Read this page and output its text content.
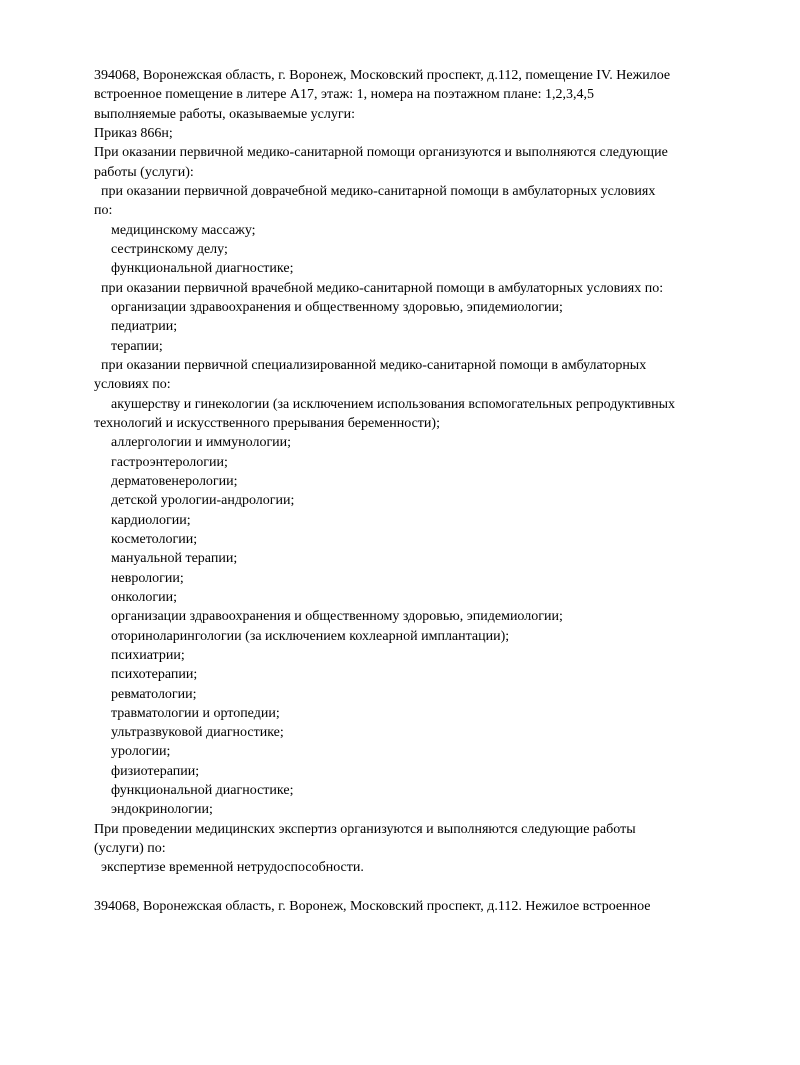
394068, Воронежская область, г. Воронеж, Московский проспект, д.112, помещение IV. Нежилое
встроенное помещение в литере А17, этаж: 1, номера на поэтажном плане: 1,2,3,4,5
выполняемые работы, оказываемые услуги:
Приказ 866н;
При оказании первичной медико-санитарной помощи организуются и выполняются следующие
работы (услуги):
при оказании первичной доврачебной медико-санитарной помощи в амбулаторных условиях
по:
медицинскому массажу;
сестринскому делу;
функциональной диагностике;
при оказании первичной врачебной медико-санитарной помощи в амбулаторных условиях по:
организации здравоохранения и общественному здоровью, эпидемиологии;
педиатрии;
терапии;
при оказании первичной специализированной медико-санитарной помощи в амбулаторных
условиях по:
акушерству и гинекологии (за исключением использования вспомогательных репродуктивных
технологий и искусственного прерывания беременности);
аллергологии и иммунологии;
гастроэнтерологии;
дерматовенерологии;
детской урологии-андрологии;
кардиологии;
косметологии;
мануальной терапии;
неврологии;
онкологии;
организации здравоохранения и общественному здоровью, эпидемиологии;
оториноларингологии (за исключением кохлеарной имплантации);
психиатрии;
психотерапии;
ревматологии;
травматологии и ортопедии;
ультразвуковой диагностике;
урологии;
физиотерапии;
функциональной диагностике;
эндокринологии;
При проведении медицинских экспертиз организуются и выполняются следующие работы
(услуги) по:
экспертизе временной нетрудоспособности.
394068, Воронежская область, г. Воронеж, Московский проспект, д.112. Нежилое встроенное
